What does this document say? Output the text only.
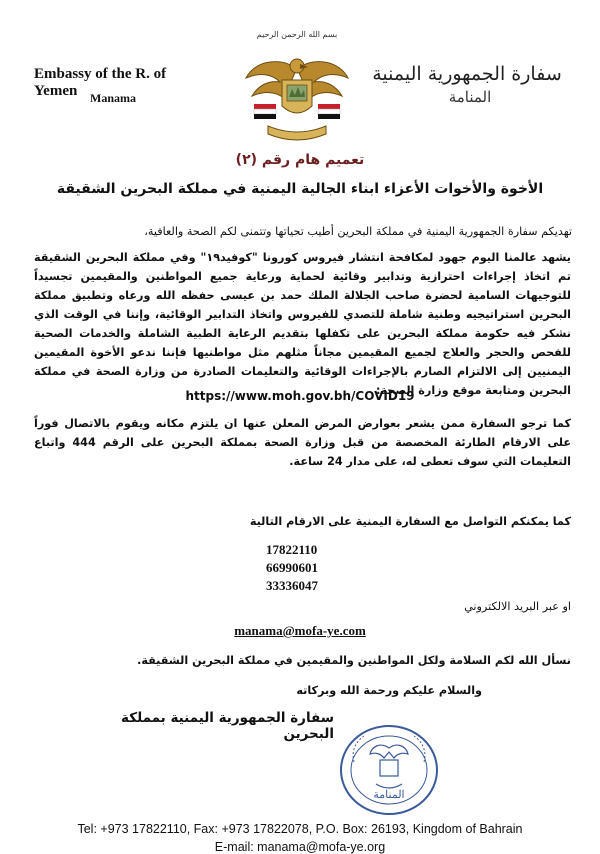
Embassy of the R. of Yemen	Manama
سفارة الجمهورية اليمنية
المنامة
بسم الله الرحمن الرحيم
تعميم هام رقم (٢)
الأخوة والأخوات الأعزاء ابناء الجالية اليمنية في مملكة البحرين الشقيقة
تهديكم سفارة الجمهورية اليمنية في مملكة البحرين أطيب تحياتها وتتمنى لكم الصحة والعافية،
يشهد عالمنا اليوم جهود لمكافحة انتشار فيروس كورونا "كوفيد١٩" وفي مملكة البحرين الشقيقة تم اتخاذ إجراءات احترازية وتدابير وقائية لحماية ورعاية جميع المواطنين والمقيمين تجسيداً للتوجيهات السامية لحضرة صاحب الجلالة الملك حمد بن عيسى حفظه الله ورعاه وتطبيق مملكة البحرين استراتيجيه وطنية شاملة للتصدي للفيروس واتخاذ التدابير الوقائية، وإننا في الوقت الذي نشكر فيه حكومة مملكة البحرين على تكفلها بتقديم الرعاية الطبية الشاملة والخدمات الصحية للفحص والحجر والعلاج لجميع المقيمين مجاناً مثلهم مثل مواطنيها فإننا ندعو الأخوة المقيمين اليمنيين إلى الالتزام الصارم بالإجراءات الوقائية والتعليمات الصادرة من وزارة الصحة في مملكة البحرين ومتابعة موقع وزارة الصحة:
https://www.moh.gov.bh/COVID19
كما ترجو السفارة ممن يشعر بعوارض المرض المعلن عنها ان يلتزم مكانه ويقوم بالاتصال فوراً على الارقام الطارئة المخصصة من قبل وزارة الصحة بمملكة البحرين على الرقم 444 واتباع التعليمات التي سوف تعطى له، على مدار 24 ساعة.
كما يمكنكم التواصل مع السفارة اليمنية على الارقام التالية
17822110
66990601
33336047
او عبر البريد الالكتروني
manama@mofa-ye.com
نسأل الله لكم السلامة ولكل المواطنين والمقيمين في مملكة البحرين الشقيقة.
والسلام عليكم ورحمة الله وبركاته
سفارة الجمهورية اليمنية بمملكة البحرين
المنامة
Tel: +973 17822110, Fax: +973 17822078, P.O. Box: 26193, Kingdom of Bahrain
E-mail: manama@mofa-ye.org
